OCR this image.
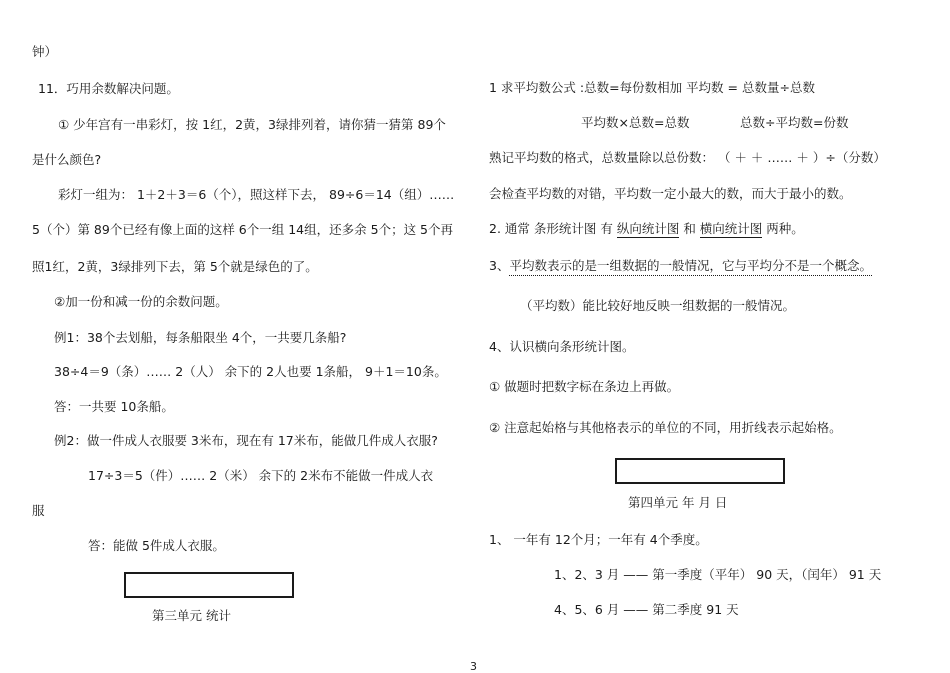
钟）
11．巧用余数解决问题。
① 少年宫有一串彩灯，按 1红，2黄，3绿排列着，请你猜一猜第 89个
是什么颜色?
彩灯一组为： 1＋2＋3＝6（个），照这样下去， 89÷6＝14（组）……
5（个）第 89个已经有像上面的这样 6个一组 14组，还多余 5个；这 5个再
照1红，2黄，3绿排列下去，第 5个就是绿色的了。
②加一份和减一份的余数问题。
例1：38个去划船，每条船限坐 4个，一共要几条船?
38÷4＝9（条）…… 2（人） 余下的 2人也要 1条船， 9＋1＝10条。
答：一共要 10条船。
例2：做一件成人衣服要 3米布，现在有 17米布，能做几件成人衣服?
17÷3＝5（件）…… 2（米） 余下的 2米布不能做一件成人衣
服
答：能做 5件成人衣服。
第三单元 统计
1 求平均数公式 :总数=每份数相加 平均数 = 总数量÷总数
平均数×总数=总数	总数÷平均数=份数
熟记平均数的格式，总数量除以总份数： （ ＋ ＋ …… ＋ ）÷（分数）
会检查平均数的对错，平均数一定小最大的数，而大于最小的数。
2. 通常 条形统计图 有 纵向统计图 和 横向统计图 两种。
3、平均数表示的是一组数据的一般情况，它与平均分不是一个概念。
（平均数）能比较好地反映一组数据的一般情况。
4、认识横向条形统计图。
① 做题时把数字标在条边上再做。
② 注意起始格与其他格表示的单位的不同，用折线表示起始格。
第四单元 年 月 日
1、 一年有 12个月；一年有 4个季度。
1、2、3 月 —— 第一季度（平年） 90 天，（闰年） 91 天
4、5、6 月 —— 第二季度 91 天
3
